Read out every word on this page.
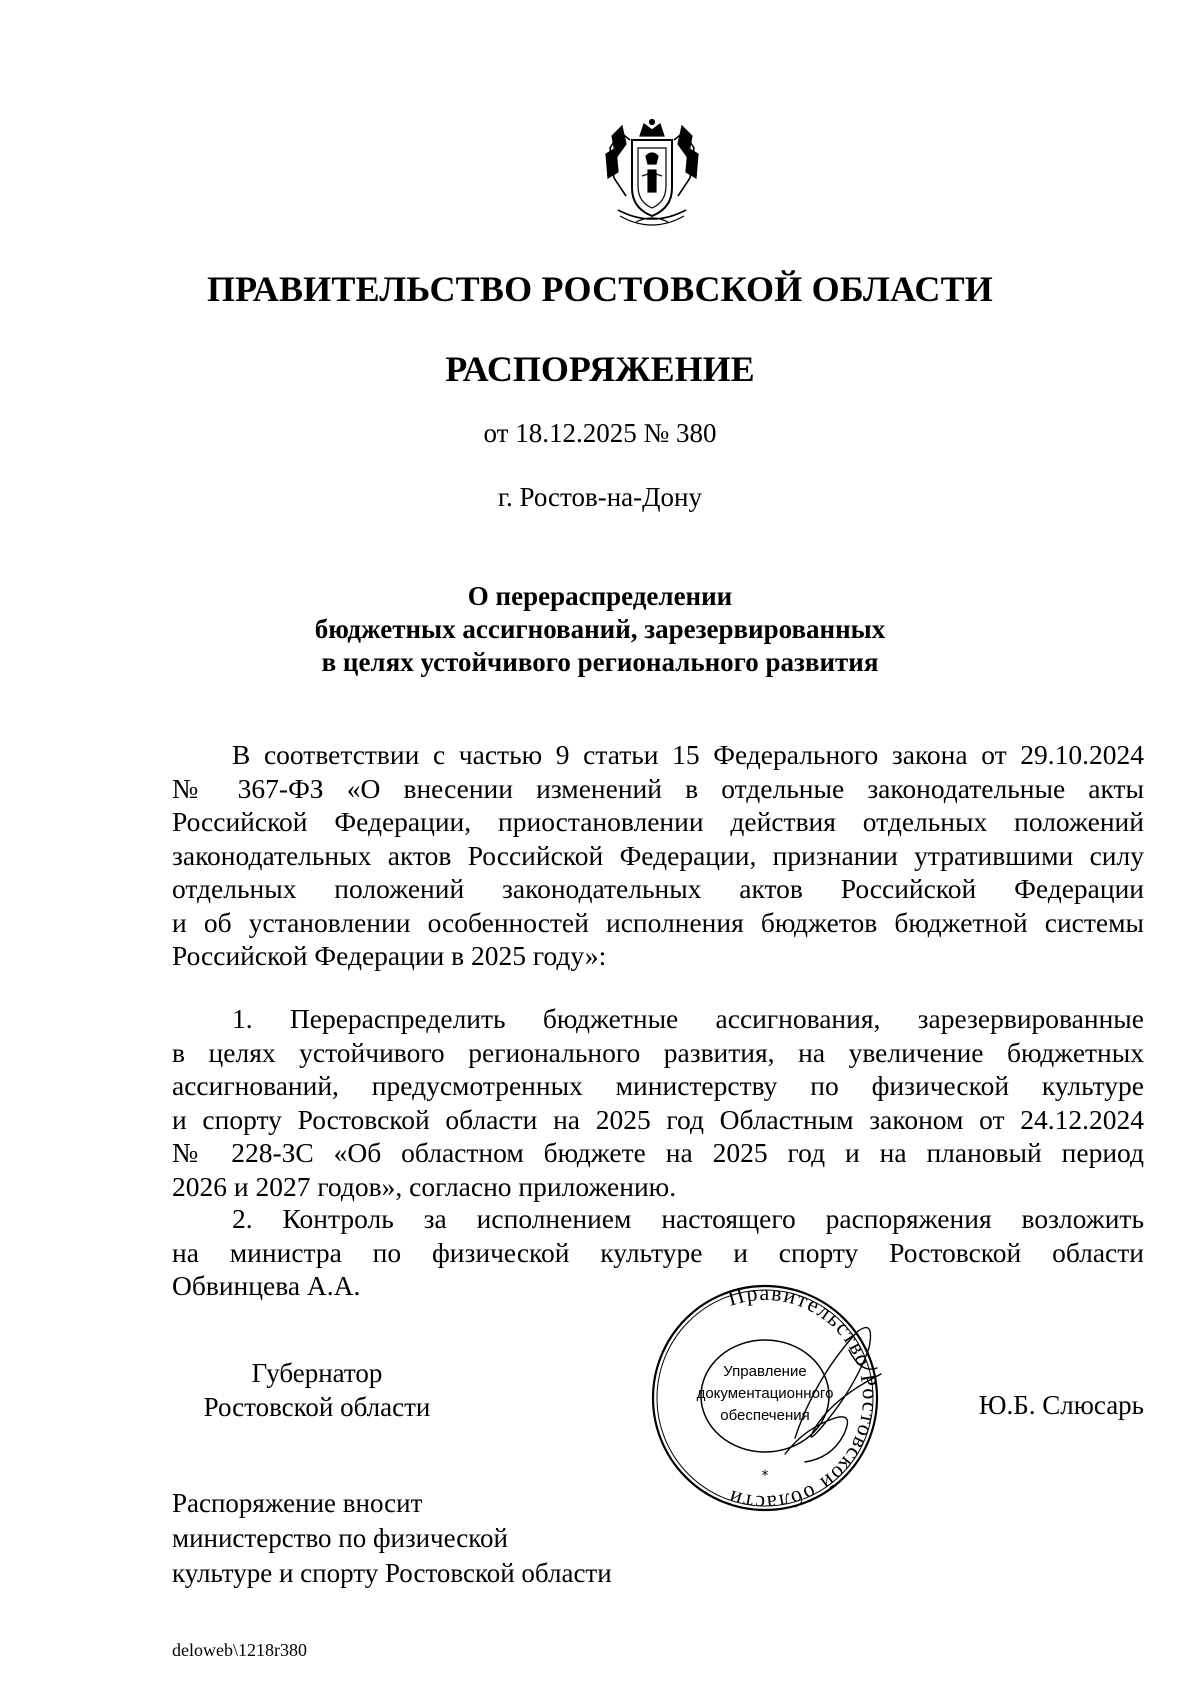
ПРАВИТЕЛЬСТВО РОСТОВСКОЙ ОБЛАСТИ
РАСПОРЯЖЕНИЕ
от 18.12.2025 № 380
г. Ростов-на-Дону
О перераспределении
бюджетных ассигнований, зарезервированных
в целях устойчивого регионального развития
В соответствии с частью 9 статьи 15 Федерального закона от 29.10.2024
№ 367-ФЗ «О внесении изменений в отдельные законодательные акты
Российской Федерации, приостановлении действия отдельных положений
законодательных актов Российской Федерации, признании утратившими силу
отдельных положений законодательных актов Российской Федерации
и об установлении особенностей исполнения бюджетов бюджетной системы
Российской Федерации в 2025 году»:
1. Перераспределить бюджетные ассигнования, зарезервированные
в целях устойчивого регионального развития, на увеличение бюджетных
ассигнований, предусмотренных министерству по физической культуре
и спорту Ростовской области на 2025 год Областным законом от 24.12.2024
№ 228-ЗС «Об областном бюджете на 2025 год и на плановый период
2026 и 2027 годов», согласно приложению.
2. Контроль за исполнением настоящего распоряжения возложить
на министра по физической культуре и спорту Ростовской области
Обвинцева А.А.
Губернатор
Ростовской области
Правительство Ростовской области
Управление
документационного
обеспечения
*
Ю.Б. Слюсарь
Распоряжение вносит
министерство по физической
культуре и спорту Ростовской области
deloweb\1218r380
